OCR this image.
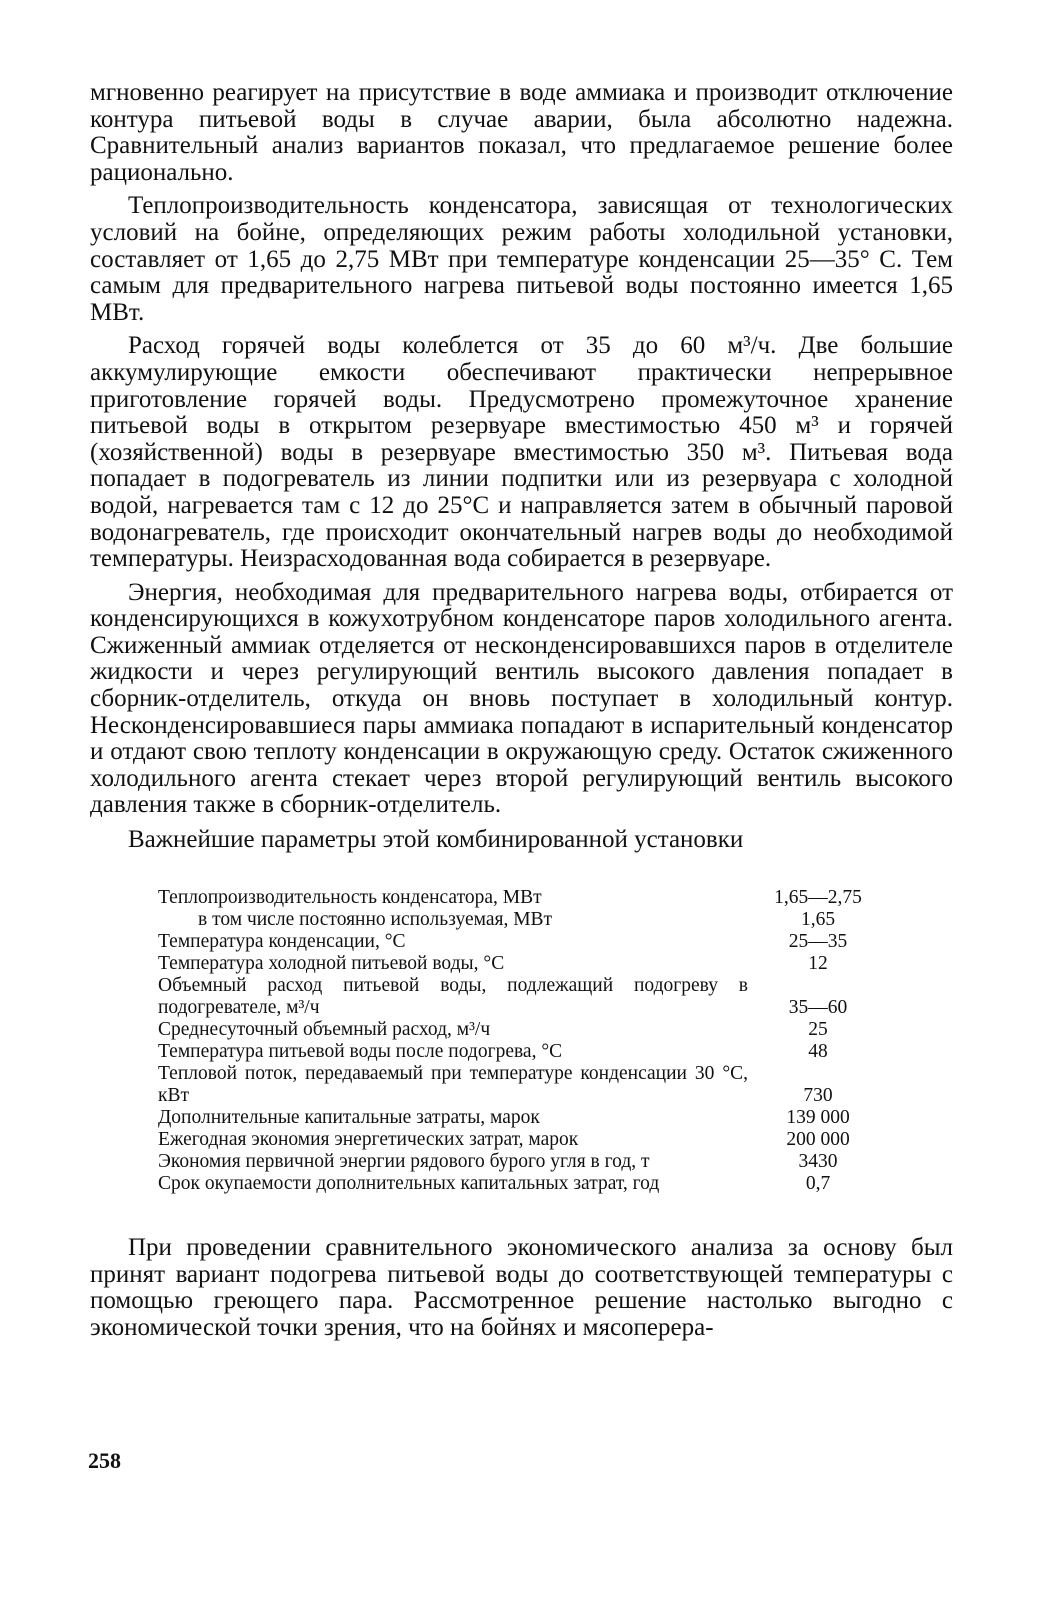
мгновенно реагирует на присутствие в воде аммиака и производит отключение контура питьевой воды в случае аварии, была абсолютно надежна. Сравнительный анализ вариантов показал, что предлагаемое решение более рационально.

Теплопроизводительность конденсатора, зависящая от технологических условий на бойне, определяющих режим работы холодильной установки, составляет от 1,65 до 2,75 МВт при температуре конденсации 25—35° С. Тем самым для предварительного нагрева питьевой воды постоянно имеется 1,65 МВт.

Расход горячей воды колеблется от 35 до 60 м³/ч. Две большие аккумулирующие емкости обеспечивают практически непрерывное приготовление горячей воды. Предусмотрено промежуточное хранение питьевой воды в открытом резервуаре вместимостью 450 м³ и горячей (хозяйственной) воды в резервуаре вместимостью 350 м³. Питьевая вода попадает в подогреватель из линии подпитки или из резервуара с холодной водой, нагревается там с 12 до 25°С и направляется затем в обычный паровой водонагреватель, где происходит окончательный нагрев воды до необходимой температуры. Неизрасходованная вода собирается в резервуаре.

Энергия, необходимая для предварительного нагрева воды, отбирается от конденсирующихся в кожухотрубном конденсаторе паров холодильного агента. Сжиженный аммиак отделяется от несконденсировавшихся паров в отделителе жидкости и через регулирующий вентиль высокого давления попадает в сборник-отделитель, откуда он вновь поступает в холодильный контур. Несконденсировавшиеся пары аммиака попадают в испарительный конденсатор и отдают свою теплоту конденсации в окружающую среду. Остаток сжиженного холодильного агента стекает через второй регулирующий вентиль высокого давления также в сборник-отделитель.

Важнейшие параметры этой комбинированной установки
Теплопроизводительность конденсатора, МВт	1,65—2,75
в том числе постоянно используемая, МВт	1,65
Температура конденсации, °С	25—35
Температура холодной питьевой воды, °С	12
Объемный расход питьевой воды, подлежащий подогреву в подогревателе, м³/ч	35—60
Среднесуточный объемный расход, м³/ч	25
Температура питьевой воды после подогрева, °С	48
Тепловой поток, передаваемый при температуре конденсации 30 °С, кВт	730
Дополнительные капитальные затраты, марок	139 000
Ежегодная экономия энергетических затрат, марок	200 000
Экономия первичной энергии рядового бурого угля в год, т	3430
Срок окупаемости дополнительных капитальных затрат, год	0,7

При проведении сравнительного экономического анализа за основу был принят вариант подогрева питьевой воды до соответствующей температуры с помощью греющего пара. Рассмотренное решение настолько выгодно с экономической точки зрения, что на бойнях и мясоперера-

258
